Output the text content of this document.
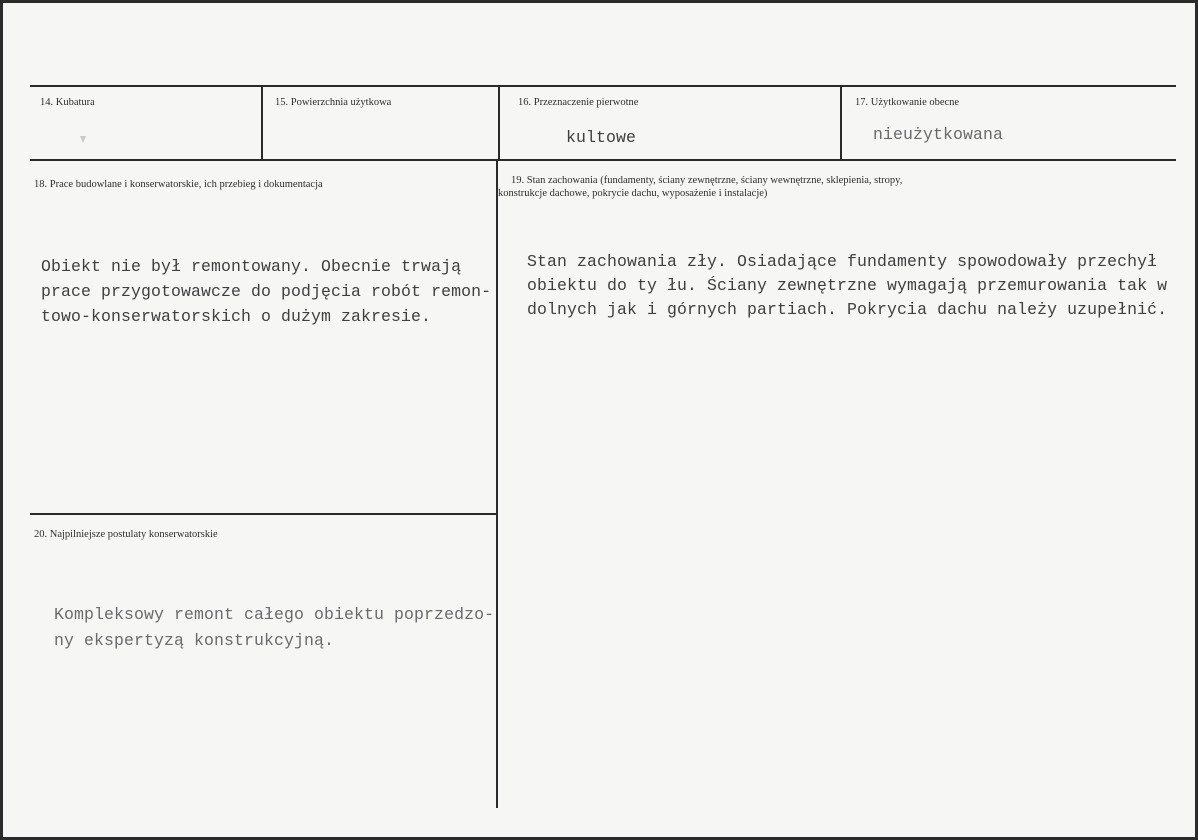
14. Kubatura	15. Powierzchnia użytkowa	16. Przeznaczenie pierwotne
kultowe
17. Użytkowanie obecne
nieużytkowana
18. Prace budowlane i konserwatorskie, ich przebieg i dokumentacja

Obiekt nie był remontowany. Obecnie trwają
prace przygotowawcze do podjęcia robót remon-
towo-konserwatorskich o dużym zakresie.

19. Stan zachowania (fundamenty, ściany zewnętrzne, ściany wewnętrzne, sklepienia, stropy,
konstrukcje dachowe, pokrycie dachu, wyposażenie i instalacje)

Stan zachowania zły. Osiadające fundamenty spowodowały przechył
obiektu do ty łu. Ściany zewnętrzne wymagają przemurowania tak w
dolnych jak i górnych partiach. Pokrycia dachu należy uzupełnić.

20. Najpilniejsze postulaty konserwatorskie

Kompleksowy remont całego obiektu poprzedzo-
ny ekspertyzą konstrukcyjną.
